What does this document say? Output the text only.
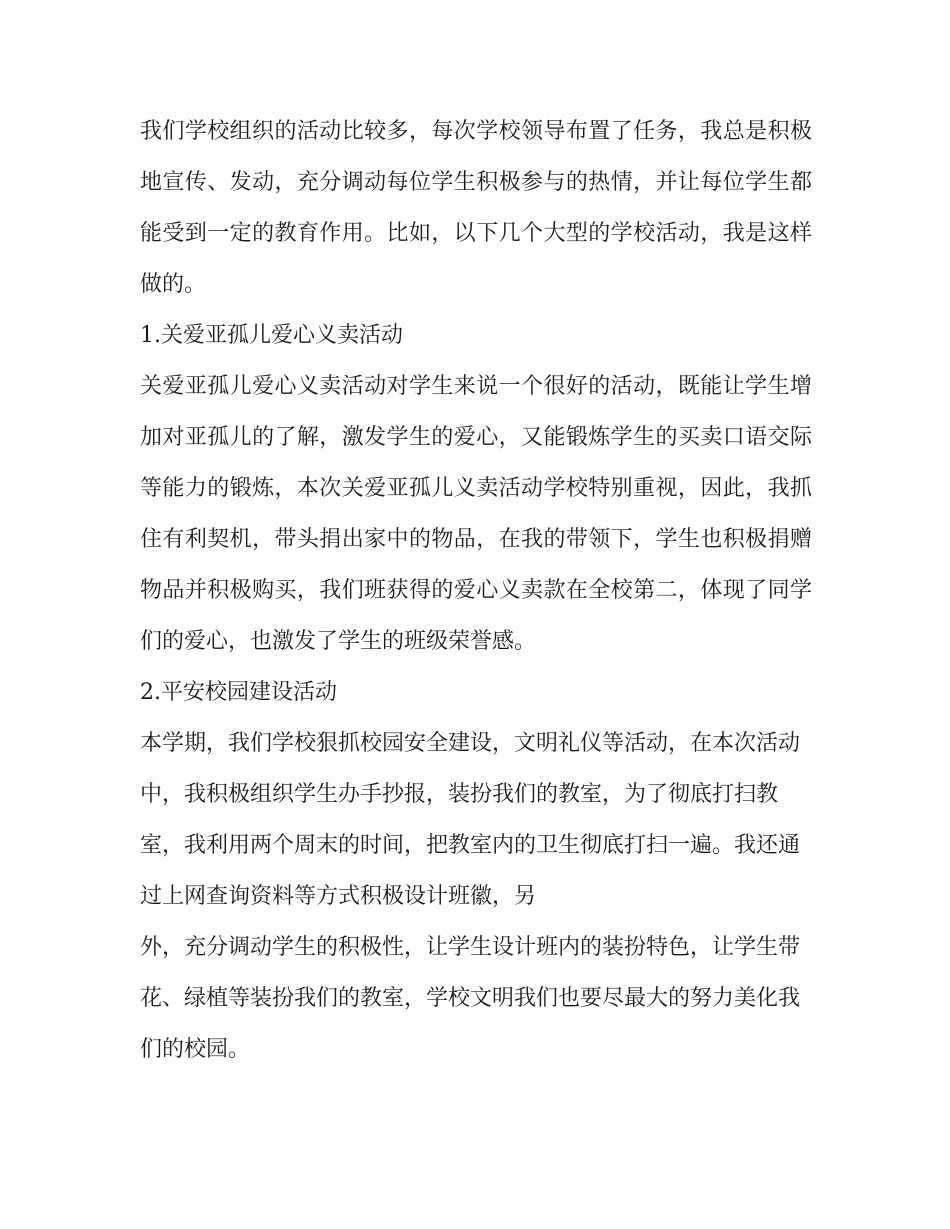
我们学校组织的活动比较多，每次学校领导布置了任务，我总是积极地宣传、发动，充分调动每位学生积极参与的热情，并让每位学生都能受到一定的教育作用。比如，以下几个大型的学校活动，我是这样做的。

1.关爱亚孤儿爱心义卖活动

关爱亚孤儿爱心义卖活动对学生来说一个很好的活动，既能让学生增加对亚孤儿的了解，激发学生的爱心，又能锻炼学生的买卖口语交际等能力的锻炼，本次关爱亚孤儿义卖活动学校特别重视，因此，我抓住有利契机，带头捐出家中的物品，在我的带领下，学生也积极捐赠物品并积极购买，我们班获得的爱心义卖款在全校第二，体现了同学们的爱心，也激发了学生的班级荣誉感。

2.平安校园建设活动

本学期，我们学校狠抓校园安全建设，文明礼仪等活动，在本次活动中，我积极组织学生办手抄报，装扮我们的教室，为了彻底打扫教室，我利用两个周末的时间，把教室内的卫生彻底打扫一遍。我还通过上网查询资料等方式积极设计班徽，另
外，充分调动学生的积极性，让学生设计班内的装扮特色，让学生带花、绿植等装扮我们的教室，学校文明我们也要尽最大的努力美化我们的校园。
